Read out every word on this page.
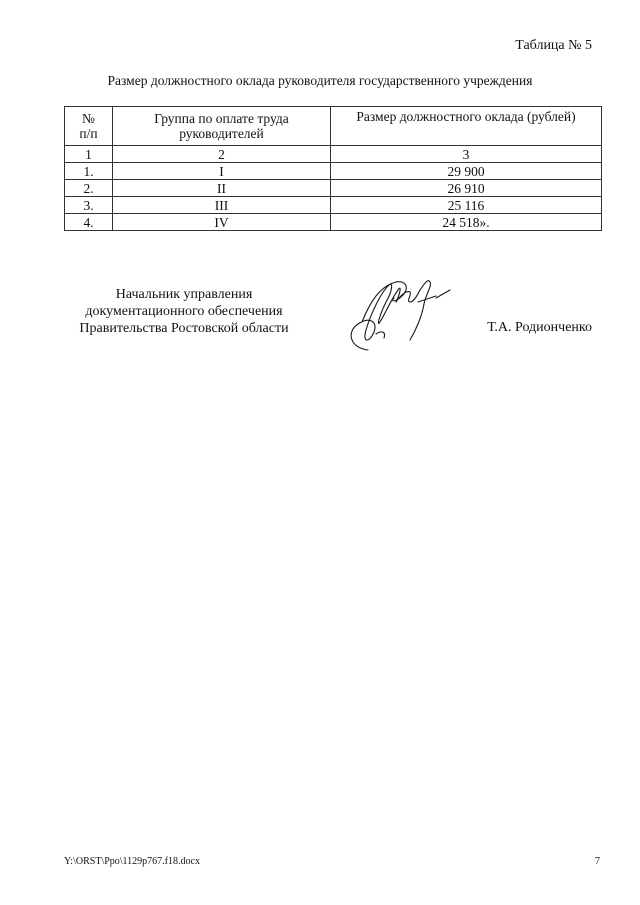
Таблица № 5
Размер должностного оклада руководителя государственного учреждения
№
п/п	Группа по оплате труда руководителей	Размер должностного оклада (рублей)
1	2	3
1.	I	29 900
2.	II	26 910
3.	III	25 116
4.	IV	24 518».
Начальник управления
документационного обеспечения
Правительства Ростовской области	Т.А. Родионченко
Y:\ORST\Ppo\1129p767.f18.docx	7
